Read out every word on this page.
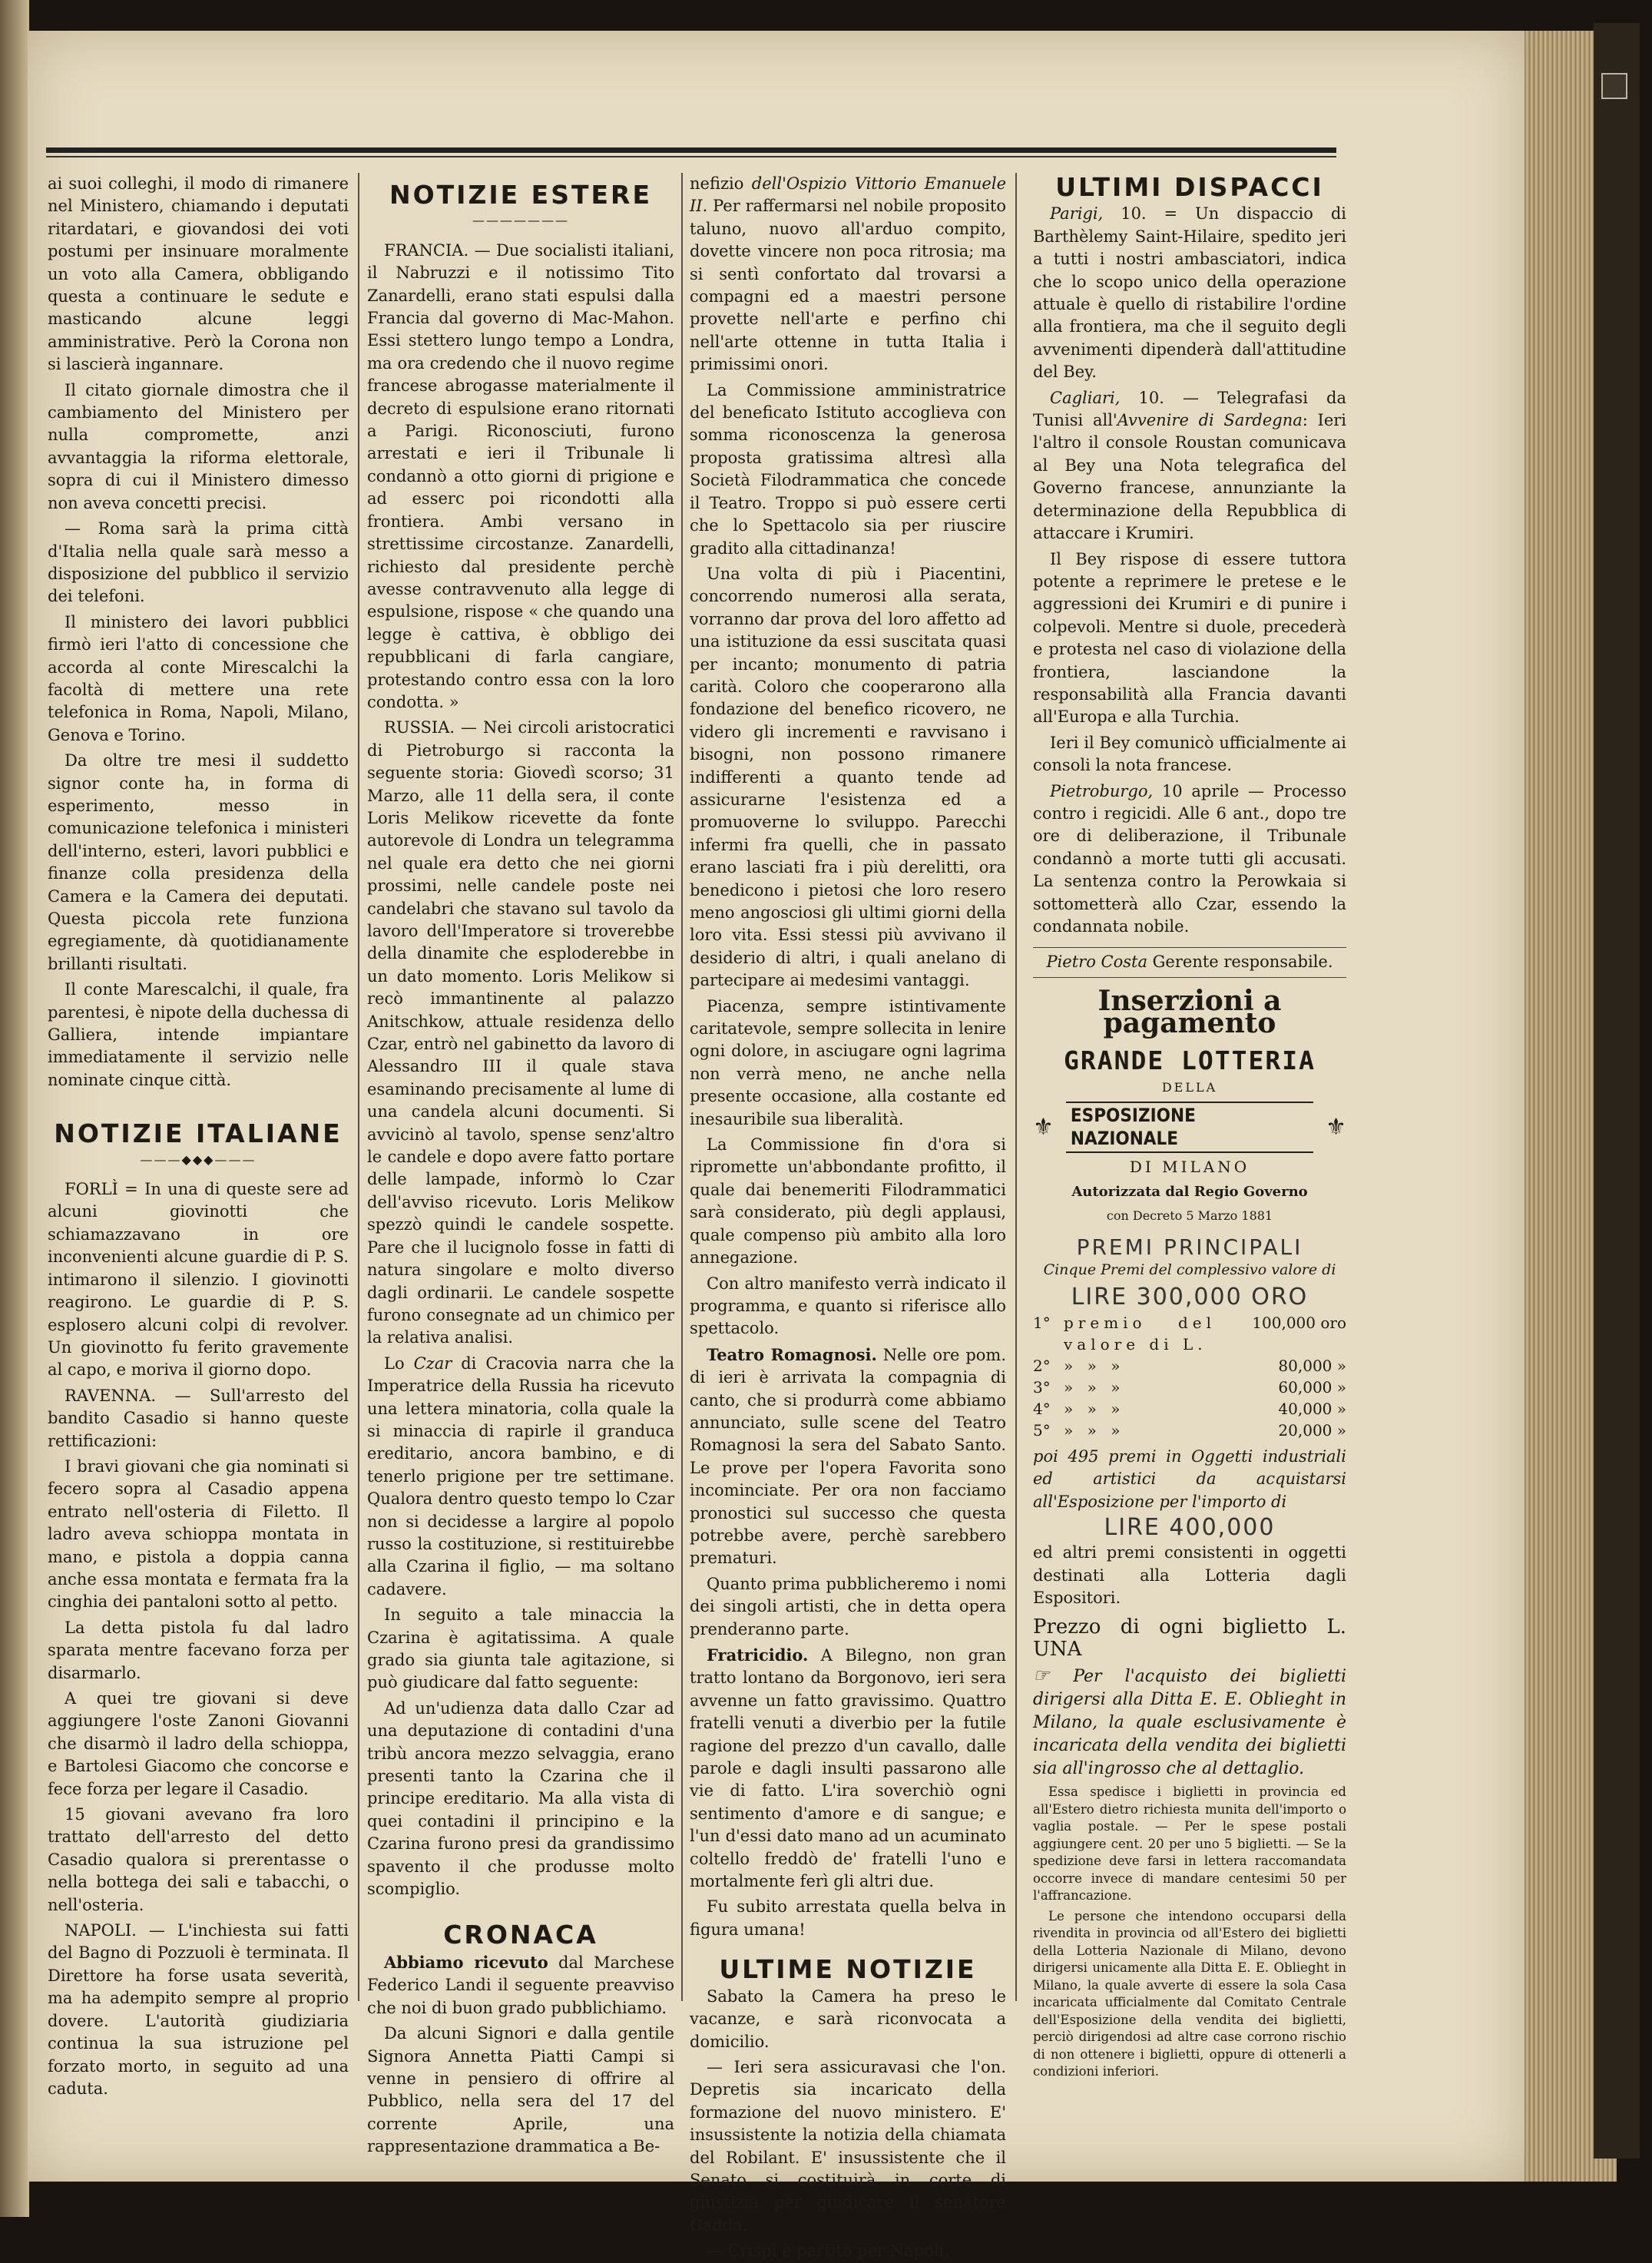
ai suoi colleghi, il modo di rimanere nel Ministero, chiamando i deputati ritardatari, e giovandosi dei voti postumi per insinuare moralmente un voto alla Camera, obbligando questa a continuare le sedute e masticando alcune leggi amministrative. Però la Corona non si lascierà ingannare.

Il citato giornale dimostra che il cambiamento del Ministero per nulla compromette, anzi avvantaggia la riforma elettorale, sopra di cui il Ministero dimesso non aveva concetti precisi.

— Roma sarà la prima città d'Italia nella quale sarà messo a disposizione del pubblico il servizio dei telefoni.

Il ministero dei lavori pubblici firmò ieri l'atto di concessione che accorda al conte Mirescalchi la facoltà di mettere una rete telefonica in Roma, Napoli, Milano, Genova e Torino.

Da oltre tre mesi il suddetto signor conte ha, in forma di esperimento, messo in comunicazione telefonica i ministeri dell'interno, esteri, lavori pubblici e finanze colla presidenza della Camera e la Camera dei deputati. Questa piccola rete funziona egregiamente, dà quotidianamente brillanti risultati.

Il conte Marescalchi, il quale, fra parentesi, è nipote della duchessa di Galliera, intende impiantare immediatamente il servizio nelle nominate cinque città.

NOTIZIE ITALIANE
———◆◆◆———

FORLÌ = In una di queste sere ad alcuni giovinotti che schiamazzavano in ore inconvenienti alcune guardie di P. S. intimarono il silenzio. I giovinotti reagirono. Le guardie di P. S. esplosero alcuni colpi di revolver. Un giovinotto fu ferito gravemente al capo, e moriva il giorno dopo.

RAVENNA. — Sull'arresto del bandito Casadio si hanno queste rettificazioni:

I bravi giovani che gia nominati si fecero sopra al Casadio appena entrato nell'osteria di Filetto. Il ladro aveva schioppa montata in mano, e pistola a doppia canna anche essa montata e fermata fra la cinghia dei pantaloni sotto al petto.

La detta pistola fu dal ladro sparata mentre facevano forza per disarmarlo.

A quei tre giovani si deve aggiungere l'oste Zanoni Giovanni che disarmò il ladro della schioppa, e Bartolesi Giacomo che concorse e fece forza per legare il Casadio.

15 giovani avevano fra loro trattato dell'arresto del detto Casadio qualora si prerentasse o nella bottega dei sali e tabacchi, o nell'osteria.

NAPOLI. — L'inchiesta sui fatti del Bagno di Pozzuoli è terminata. Il Direttore ha forse usata severità, ma ha adempito sempre al proprio dovere. L'autorità giudiziaria continua la sua istruzione pel forzato morto, in seguito ad una caduta.

NOTIZIE ESTERE
———————

FRANCIA. — Due socialisti italiani, il Nabruzzi e il notissimo Tito Zanardelli, erano stati espulsi dalla Francia dal governo di Mac-Mahon. Essi stettero lungo tempo a Londra, ma ora credendo che il nuovo regime francese abrogasse materialmente il decreto di espulsione erano ritornati a Parigi. Riconosciuti, furono arrestati e ieri il Tribunale li condannò a otto giorni di prigione e ad esserc poi ricondotti alla frontiera. Ambi versano in strettissime circostanze. Zanardelli, richiesto dal presidente perchè avesse contravvenuto alla legge di espulsione, rispose « che quando una legge è cattiva, è obbligo dei repubblicani di farla cangiare, protestando contro essa con la loro condotta. »

RUSSIA. — Nei circoli aristocratici di Pietroburgo si racconta la seguente storia: Giovedì scorso; 31 Marzo, alle 11 della sera, il conte Loris Melikow ricevette da fonte autorevole di Londra un telegramma nel quale era detto che nei giorni prossimi, nelle candele poste nei candelabri che stavano sul tavolo da lavoro dell'Imperatore si troverebbe della dinamite che esploderebbe in un dato momento. Loris Melikow si recò immantinente al palazzo Anitschkow, attuale residenza dello Czar, entrò nel gabinetto da lavoro di Alessandro III il quale stava esaminando precisamente al lume di una candela alcuni documenti. Si avvicinò al tavolo, spense senz'altro le candele e dopo avere fatto portare delle lampade, informò lo Czar dell'avviso ricevuto. Loris Melikow spezzò quindi le candele sospette. Pare che il lucignolo fosse in fatti di natura singolare e molto diverso dagli ordinarii. Le candele sospette furono consegnate ad un chimico per la relativa analisi.

Lo Czar di Cracovia narra che la Imperatrice della Russia ha ricevuto una lettera minatoria, colla quale la si minaccia di rapirle il granduca ereditario, ancora bambino, e di tenerlo prigione per tre settimane. Qualora dentro questo tempo lo Czar non si decidesse a largire al popolo russo la costituzione, si restituirebbe alla Czarina il figlio, — ma soltano cadavere.

In seguito a tale minaccia la Czarina è agitatissima. A quale grado sia giunta tale agitazione, si può giudicare dal fatto seguente:

Ad un'udienza data dallo Czar ad una deputazione di contadini d'una tribù ancora mezzo selvaggia, erano presenti tanto la Czarina che il principe ereditario. Ma alla vista di quei contadini il principino e la Czarina furono presi da grandissimo spavento il che produsse molto scompiglio.

CRONACA

Abbiamo ricevuto dal Marchese Federico Landi il seguente preavviso che noi di buon grado pubblichiamo.

Da alcuni Signori e dalla gentile Signora Annetta Piatti Campi si venne in pensiero di offrire al Pubblico, nella sera del 17 del corrente Aprile, una rappresentazione drammatica a Be-

nefizio dell'Ospizio Vittorio Emanuele II. Per raffermarsi nel nobile proposito taluno, nuovo all'arduo compito, dovette vincere non poca ritrosia; ma si sentì confortato dal trovarsi a compagni ed a maestri persone provette nell'arte e perfino chi nell'arte ottenne in tutta Italia i primissimi onori.

La Commissione amministratrice del beneficato Istituto accoglieva con somma riconoscenza la generosa proposta gratissima altresì alla Società Filodrammatica che concede il Teatro. Troppo si può essere certi che lo Spettacolo sia per riuscire gradito alla cittadinanza!

Una volta di più i Piacentini, concorrendo numerosi alla serata, vorranno dar prova del loro affetto ad una istituzione da essi suscitata quasi per incanto; monumento di patria carità. Coloro che cooperarono alla fondazione del benefico ricovero, ne videro gli incrementi e ravvisano i bisogni, non possono rimanere indifferenti a quanto tende ad assicurarne l'esistenza ed a promuoverne lo sviluppo. Parecchi infermi fra quelli, che in passato erano lasciati fra i più derelitti, ora benedicono i pietosi che loro resero meno angosciosi gli ultimi giorni della loro vita. Essi stessi più avvivano il desiderio di altri, i quali anelano di partecipare ai medesimi vantaggi.

Piacenza, sempre istintivamente caritatevole, sempre sollecita in lenire ogni dolore, in asciugare ogni lagrima non verrà meno, ne anche nella presente occasione, alla costante ed inesauribile sua liberalità.

La Commissione fin d'ora si ripromette un'abbondante profitto, il quale dai benemeriti Filodrammatici sarà considerato, più degli applausi, quale compenso più ambito alla loro annegazione.

Con altro manifesto verrà indicato il programma, e quanto si riferisce allo spettacolo.

Teatro Romagnosi. Nelle ore pom. di ieri è arrivata la compagnia di canto, che si produrrà come abbiamo annunciato, sulle scene del Teatro Romagnosi la sera del Sabato Santo. Le prove per l'opera Favorita sono incominciate. Per ora non facciamo pronostici sul successo che questa potrebbe avere, perchè sarebbero prematuri.

Quanto prima pubblicheremo i nomi dei singoli artisti, che in detta opera prenderanno parte.

Fratricidio. A Bilegno, non gran tratto lontano da Borgonovo, ieri sera avvenne un fatto gravissimo. Quattro fratelli venuti a diverbio per la futile ragione del prezzo d'un cavallo, dalle parole e dagli insulti passarono alle vie di fatto. L'ira soverchiò ogni sentimento d'amore e di sangue; e l'un d'essi dato mano ad un acuminato coltello freddò de' fratelli l'uno e mortalmente ferì gli altri due.

Fu subito arrestata quella belva in figura umana!

ULTIME NOTIZIE

Sabato la Camera ha preso le vacanze, e sarà riconvocata a domicilio.

— Ieri sera assicuravasi che l'on. Depretis sia incaricato della formazione del nuovo ministero. E' insussistente la notizia della chiamata del Robilant. E' insussistente che il Senato si costituirà in corte di giustizia per giudicare il senatore Gadda.

— Crispi è partito per Napoli.

ULTIMI DISPACCI

Parigi, 10. = Un dispaccio di Barthèlemy Saint-Hilaire, spedito jeri a tutti i nostri ambasciatori, indica che lo scopo unico della operazione attuale è quello di ristabilire l'ordine alla frontiera, ma che il seguito degli avvenimenti dipenderà dall'attitudine del Bey.

Cagliari, 10. — Telegrafasi da Tunisi all'Avvenire di Sardegna: Ieri l'altro il console Roustan comunicava al Bey una Nota telegrafica del Governo francese, annunziante la determinazione della Repubblica di attaccare i Krumiri.

Il Bey rispose di essere tuttora potente a reprimere le pretese e le aggressioni dei Krumiri e di punire i colpevoli. Mentre si duole, precederà e protesta nel caso di violazione della frontiera, lasciandone la responsabilità alla Francia davanti all'Europa e alla Turchia.

Ieri il Bey comunicò ufficialmente ai consoli la nota francese.

Pietroburgo, 10 aprile — Processo contro i regicidi. Alle 6 ant., dopo tre ore di deliberazione, il Tribunale condannò a morte tutti gli accusati. La sentenza contro la Perowkaia si sottometterà allo Czar, essendo la condannata nobile.

Pietro Costa Gerente responsabile.
Inserzioni a pagamento
GRANDE LOTTERIA
DELLA
⚜ ESPOSIZIONE NAZIONALE	⚜
DI MILANO
Autorizzata dal Regio Governo
con Decreto 5 Marzo 1881
PREMI PRINCIPALI
Cinque Premi del complessivo valore di
LIRE 300,000 ORO
1° premio del valore di L.
100,000 oro
2° » » »	80,000 »
3° » » »	60,000 »
4° » » »	40,000 »
5° » » »	20,000 »

poi 495 premi in Oggetti industriali ed artistici da acquistarsi all'Esposizione per l'importo di

LIRE 400,000

ed altri premi consistenti in oggetti destinati alla Lotteria dagli Espositori.

Prezzo di ogni biglietto L. UNA

☞ Per l'acquisto dei biglietti dirigersi alla Ditta E. E. Oblieght in Milano, la quale esclusivamente è incaricata della vendita dei biglietti sia all'ingrosso che al dettaglio.

Essa spedisce i biglietti in provincia ed all'Estero dietro richiesta munita dell'importo o vaglia postale. — Per le spese postali aggiungere cent. 20 per uno 5 biglietti. — Se la spedizione deve farsi in lettera raccomandata occorre invece di mandare centesimi 50 per l'affrancazione.

Le persone che intendono occuparsi della rivendita in provincia od all'Estero dei biglietti della Lotteria Nazionale di Milano, devono dirigersi unicamente alla Ditta E. E. Oblieght in Milano, la quale avverte di essere la sola Casa incaricata ufficialmente dal Comitato Centrale dell'Esposizione della vendita dei biglietti, perciò dirigendosi ad altre case corrono rischio di non ottenere i biglietti, oppure di ottenerli a condizioni inferiori.
